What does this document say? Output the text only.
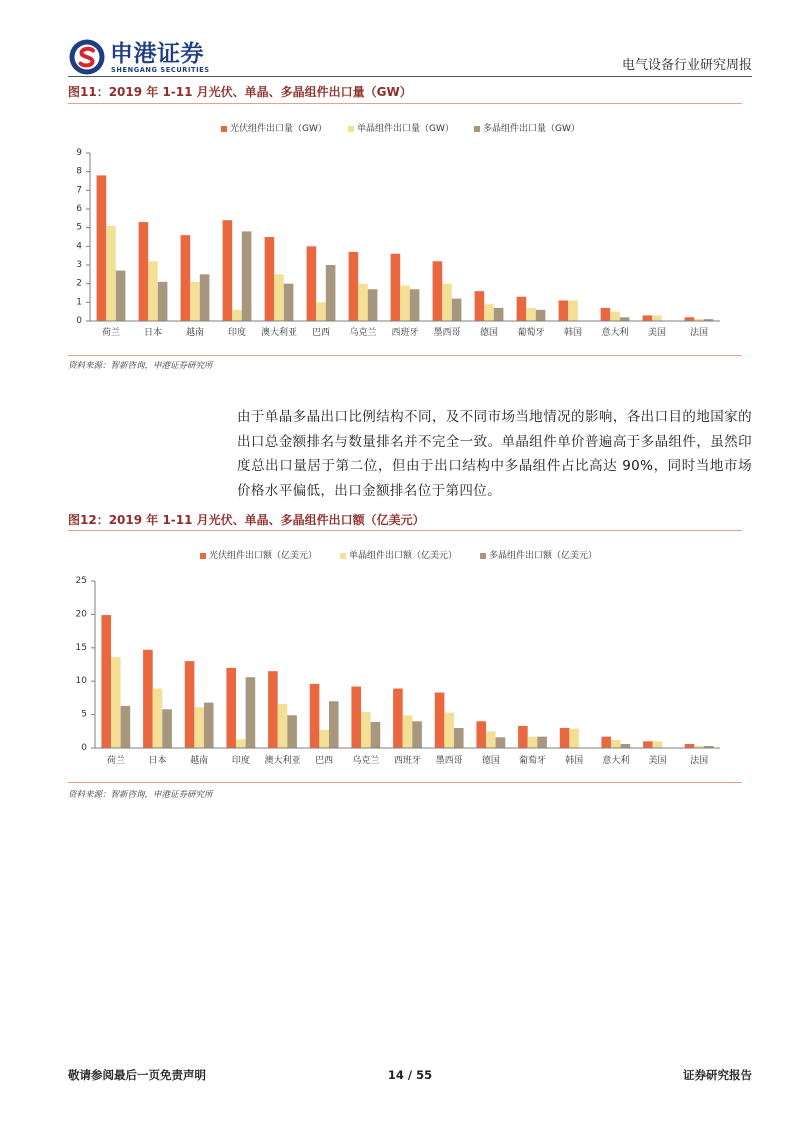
申港证券
SHENGANG SECURITIES	电气设备行业研究周报
图11：2019 年 1-11 月光伏、单晶、多晶组件出口量（GW）
光伏组件出口量（GW）	单晶组件出口量（GW）	多晶组件出口量（GW）
荷兰	日本	越南	印度 澳大利亚 巴西 乌克兰 西班牙 墨西哥 德国 葡萄牙 韩国 意大利 美国	法国
0
1
2
3
4
5
6
7
8
9
资料来源：智新咨询，申港证券研究所

由于单晶多晶出口比例结构不同，及不同市场当地情况的影响，各出口目的地国家的出口总金额排名与数量排名并不完全一致。单晶组件单价普遍高于多晶组件，虽然印度总出口量居于第二位，但由于出口结构中多晶组件占比高达 90%，同时当地市场价格水平偏低，出口金额排名位于第四位。

图12：2019 年 1-11 月光伏、单晶、多晶组件出口额（亿美元）
光伏组件出口额（亿美元）	单晶组件出口额（亿美元）	多晶组件出口额（亿美元）
荷兰	日本	越南	印度 澳大利亚 巴西 乌克兰 西班牙 墨西哥 德国 葡萄牙 韩国 意大利 美国	法国
0
5
10
15
20
25
资料来源：智新咨询，申港证券研究所
敬请参阅最后一页免责声明	14 / 55	证券研究报告
